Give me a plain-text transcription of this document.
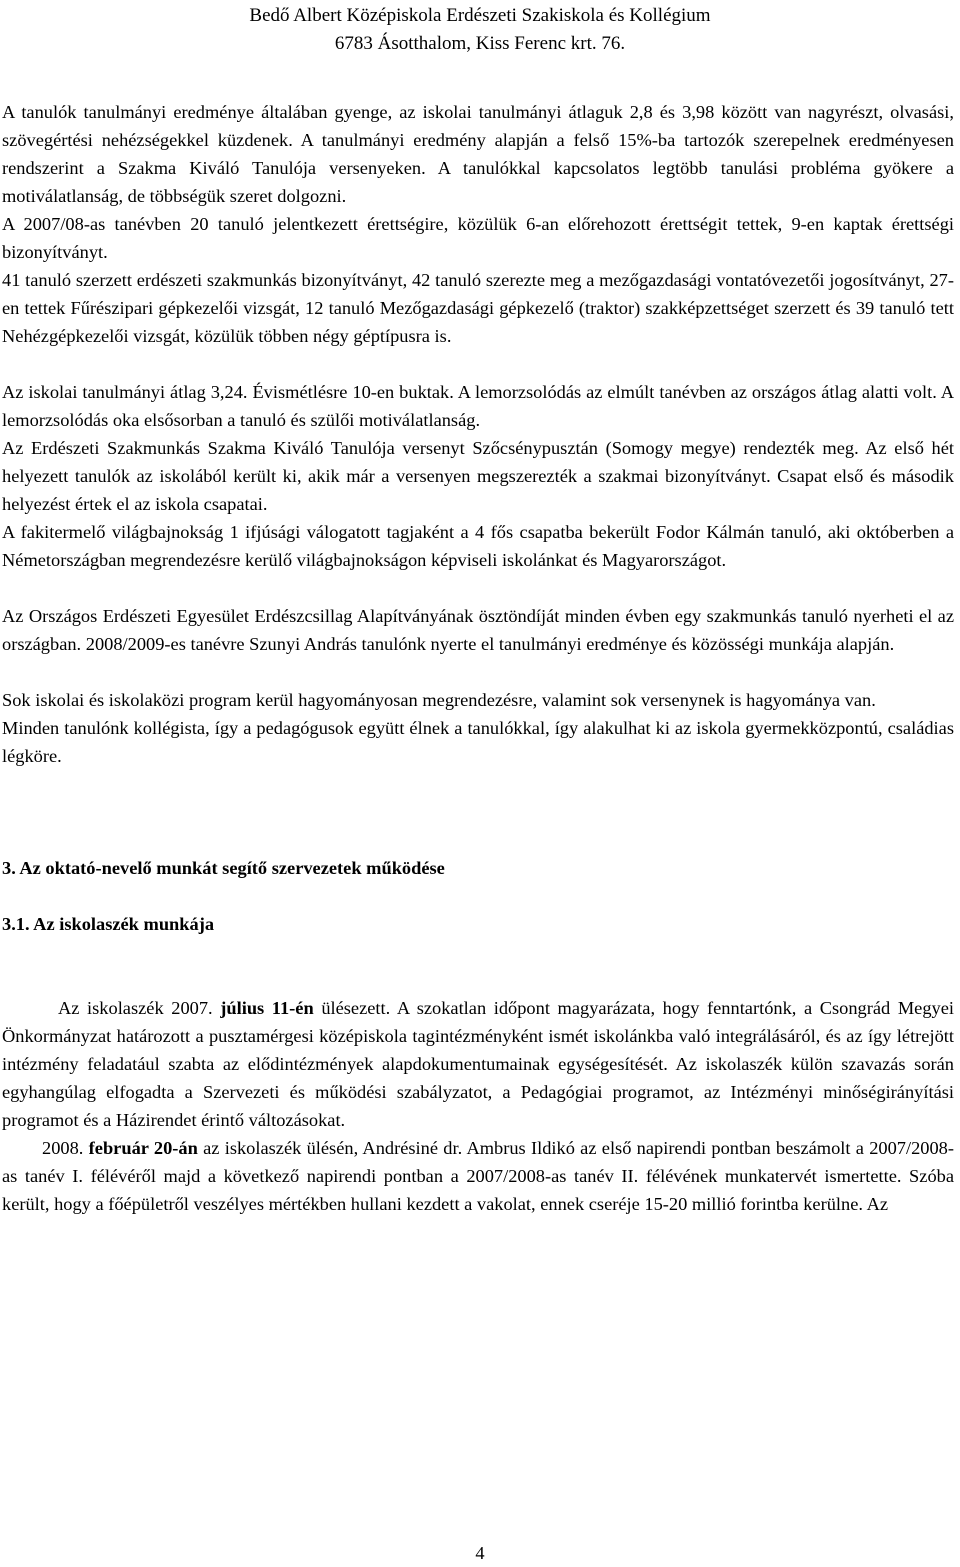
Bedő Albert Középiskola Erdészeti Szakiskola és Kollégium
6783 Ásotthalom, Kiss Ferenc krt. 76.

A tanulók tanulmányi eredménye általában gyenge, az iskolai tanulmányi átlaguk 2,8 és 3,98 között van nagyrészt, olvasási, szövegértési nehézségekkel küzdenek. A tanulmányi eredmény alapján a felső 15%-ba tartozók szerepelnek eredményesen rendszerint a Szakma Kiváló Tanulója versenyeken. A tanulókkal kapcsolatos legtöbb tanulási probléma gyökere a motiválatlanság, de többségük szeret dolgozni.

A 2007/08-as tanévben 20 tanuló jelentkezett érettségire, közülük 6-an előrehozott érettségit tettek, 9-en kaptak érettségi bizonyítványt.

41 tanuló szerzett erdészeti szakmunkás bizonyítványt, 42 tanuló szerezte meg a mezőgazdasági vontatóvezetői jogosítványt, 27-en tettek Fűrészipari gépkezelői vizsgát, 12 tanuló Mezőgazdasági gépkezelő (traktor) szakképzettséget szerzett és 39 tanuló tett Nehézgépkezelői vizsgát, közülük többen négy géptípusra is.

Az iskolai tanulmányi átlag 3,24. Évismétlésre 10-en buktak. A lemorzsolódás az elmúlt tanévben az országos átlag alatti volt. A lemorzsolódás oka elsősorban a tanuló és szülői motiválatlanság.

Az Erdészeti Szakmunkás Szakma Kiváló Tanulója versenyt Szőcsénypusztán (Somogy megye) rendezték meg. Az első hét helyezett tanulók az iskolából került ki, akik már a versenyen megszerezték a szakmai bizonyítványt. Csapat első és második helyezést értek el az iskola csapatai.

A fakitermelő világbajnokság 1 ifjúsági válogatott tagjaként a 4 fős csapatba bekerült Fodor Kálmán tanuló, aki októberben a Németországban megrendezésre kerülő világbajnokságon képviseli iskolánkat és Magyarországot.

Az Országos Erdészeti Egyesület Erdészcsillag Alapítványának ösztöndíját minden évben egy szakmunkás tanuló nyerheti el az országban. 2008/2009-es tanévre Szunyi András tanulónk nyerte el tanulmányi eredménye és közösségi munkája alapján.

Sok iskolai és iskolaközi program kerül hagyományosan megrendezésre, valamint sok versenynek is hagyománya van.

Minden tanulónk kollégista, így a pedagógusok együtt élnek a tanulókkal, így alakulhat ki az iskola gyermekközpontú, családias légköre.

3. Az oktató-nevelő munkát segítő szervezetek működése

3.1. Az iskolaszék munkája

Az iskolaszék 2007. július 11-én ülésezett. A szokatlan időpont magyarázata, hogy fenntartónk, a Csongrád Megyei Önkormányzat határozott a pusztamérgesi középiskola tagintézményként ismét iskolánkba való integrálásáról, és az így létrejött intézmény feladatául szabta az elődintézmények alapdokumentumainak egységesítését. Az iskolaszék külön szavazás során egyhangúlag elfogadta a Szervezeti és működési szabályzatot, a Pedagógiai programot, az Intézményi minőségirányítási programot és a Házirendet érintő változásokat.

2008. február 20-án az iskolaszék ülésén, Andrésiné dr. Ambrus Ildikó az első napirendi pontban beszámolt a 2007/2008-as tanév I. félévéről majd a következő napirendi pontban a 2007/2008-as tanév II. félévének munkatervét ismertette. Szóba került, hogy a főépületről veszélyes mértékben hullani kezdett a vakolat, ennek cseréje 15-20 millió forintba kerülne. Az

4
